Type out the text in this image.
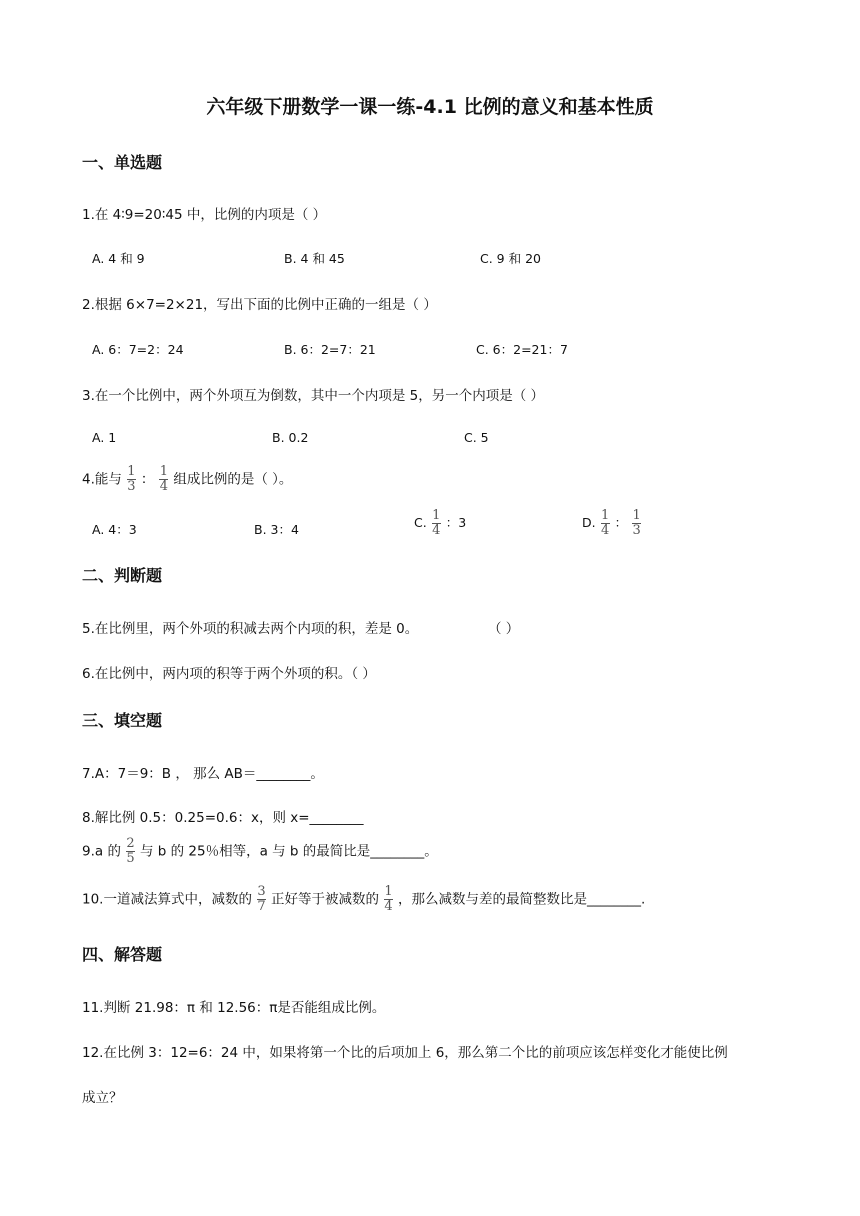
六年级下册数学一课一练-4.1 比例的意义和基本性质
一、单选题
1.在 4∶9=20∶45 中，比例的内项是（ ）
A. 4 和 9	B. 4 和 45	C. 9 和 20
2.根据 6×7=2×21，写出下面的比例中正确的一组是（ ）
A. 6：7=2：24	B. 6：2=7：21	C. 6：2=21：7
3.在一个比例中，两个外项互为倒数，其中一个内项是 5，另一个内项是（ ）
A. 1	B. 0.2	C. 5
4.能与 $\frac{1}{3}$ ： $\frac{1}{4}$ 组成比例的是（ ）。
A. 4：3	B. 3：4	C. $\frac{1}{4}$ ：3	D. $\frac{1}{4}$ ： $\frac{1}{3}$
二、判断题
5.在比例里，两个外项的积减去两个内项的积，差是 0。	（ ）
6.在比例中，两内项的积等于两个外项的积。（ ）
三、填空题
7.A：7＝9：B ， 那么 AB＝________。
8.解比例 0.5：0.25=0.6：x，则 x=________
9.a 的 $\frac{2}{5}$ 与 b 的 25％相等，a 与 b 的最简比是________。
10.一道减法算式中，减数的 $\frac{3}{7}$ 正好等于被减数的 $\frac{1}{4}$ ，那么减数与差的最简整数比是________.
四、解答题
11.判断 21.98：π 和 12.56：π是否能组成比例。
12.在比例 3：12=6：24 中，如果将第一个比的后项加上 6，那么第二个比的前项应该怎样变化才能使比例
成立？
